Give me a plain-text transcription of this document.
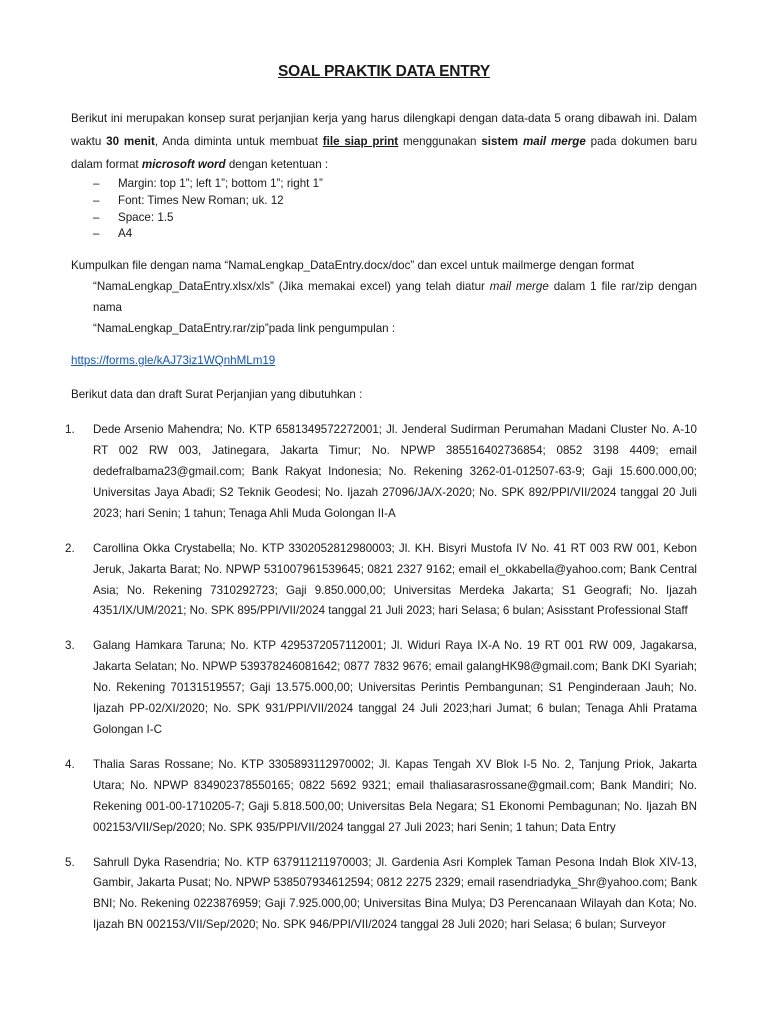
SOAL PRAKTIK DATA ENTRY

Berikut ini merupakan konsep surat perjanjian kerja yang harus dilengkapi dengan data-data 5 orang dibawah ini. Dalam waktu 30 menit, Anda diminta untuk membuat file siap print menggunakan sistem mail merge pada dokumen baru dalam format microsoft word dengan ketentuan :

– Margin: top 1”; left 1”; bottom 1”; right 1”
– Font: Times New Roman; uk. 12
– Space: 1.5
– A4

Kumpulkan file dengan nama “NamaLengkap_DataEntry.docx/doc” dan excel untuk mailmerge dengan format
“NamaLengkap_DataEntry.xlsx/xls” (Jika memakai excel) yang telah diatur mail merge dalam 1 file rar/zip dengan nama
“NamaLengkap_DataEntry.rar/zip”pada link pengumpulan :

https://forms.gle/kAJ73iz1WQnhMLm19
Berikut data dan draft Surat Perjanjian yang dibutuhkan :
1. Dede Arsenio Mahendra; No. KTP 6581349572272001; Jl. Jenderal Sudirman Perumahan Madani Cluster No. A-10 RT 002 RW 003, Jatinegara, Jakarta Timur; No. NPWP 385516402736854; 0852 3198 4409; email dedefralbama23@gmail.com; Bank Rakyat Indonesia; No. Rekening 3262-01-012507-63-9; Gaji 15.600.000,00; Universitas Jaya Abadi; S2 Teknik Geodesi; No. Ijazah 27096/JA/X-2020; No. SPK 892/PPI/VII/2024 tanggal 20 Juli 2023; hari Senin; 1 tahun; Tenaga Ahli Muda Golongan II-A
2. Carollina Okka Crystabella; No. KTP 3302052812980003; Jl. KH. Bisyri Mustofa IV No. 41 RT 003 RW 001, Kebon Jeruk, Jakarta Barat; No. NPWP 531007961539645; 0821 2327 9162; email el_okkabella@yahoo.com; Bank Central Asia; No. Rekening 7310292723; Gaji 9.850.000,00; Universitas Merdeka Jakarta; S1 Geografi; No. Ijazah 4351/IX/UM/2021; No. SPK 895/PPI/VII/2024 tanggal 21 Juli 2023; hari Selasa; 6 bulan; Asisstant Professional Staff
3. Galang Hamkara Taruna; No. KTP 4295372057112001; Jl. Widuri Raya IX-A No. 19 RT 001 RW 009, Jagakarsa, Jakarta Selatan; No. NPWP 539378246081642; 0877 7832 9676; email galangHK98@gmail.com; Bank DKI Syariah; No. Rekening 70131519557; Gaji 13.575.000,00; Universitas Perintis Pembangunan; S1 Penginderaan Jauh; No. Ijazah PP-02/XI/2020; No. SPK 931/PPI/VII/2024 tanggal 24 Juli 2023;hari Jumat; 6 bulan; Tenaga Ahli Pratama Golongan I-C
4. Thalia Saras Rossane; No. KTP 3305893112970002; Jl. Kapas Tengah XV Blok I-5 No. 2, Tanjung Priok, Jakarta Utara; No. NPWP 834902378550165; 0822 5692 9321; email thaliasarasrossane@gmail.com; Bank Mandiri; No. Rekening 001-00-1710205-7; Gaji 5.818.500,00; Universitas Bela Negara; S1 Ekonomi Pembagunan; No. Ijazah BN 002153/VII/Sep/2020; No. SPK 935/PPI/VII/2024 tanggal 27 Juli 2023; hari Senin; 1 tahun; Data Entry
5. Sahrull Dyka Rasendria; No. KTP 637911211970003; Jl. Gardenia Asri Komplek Taman Pesona Indah Blok XIV-13, Gambir, Jakarta Pusat; No. NPWP 538507934612594; 0812 2275 2329; email rasendriadyka_Shr@yahoo.com; Bank BNI; No. Rekening 0223876959; Gaji 7.925.000,00; Universitas Bina Mulya; D3 Perencanaan Wilayah dan Kota; No. Ijazah BN 002153/VII/Sep/2020; No. SPK 946/PPI/VII/2024 tanggal 28 Juli 2020; hari Selasa; 6 bulan; Surveyor
